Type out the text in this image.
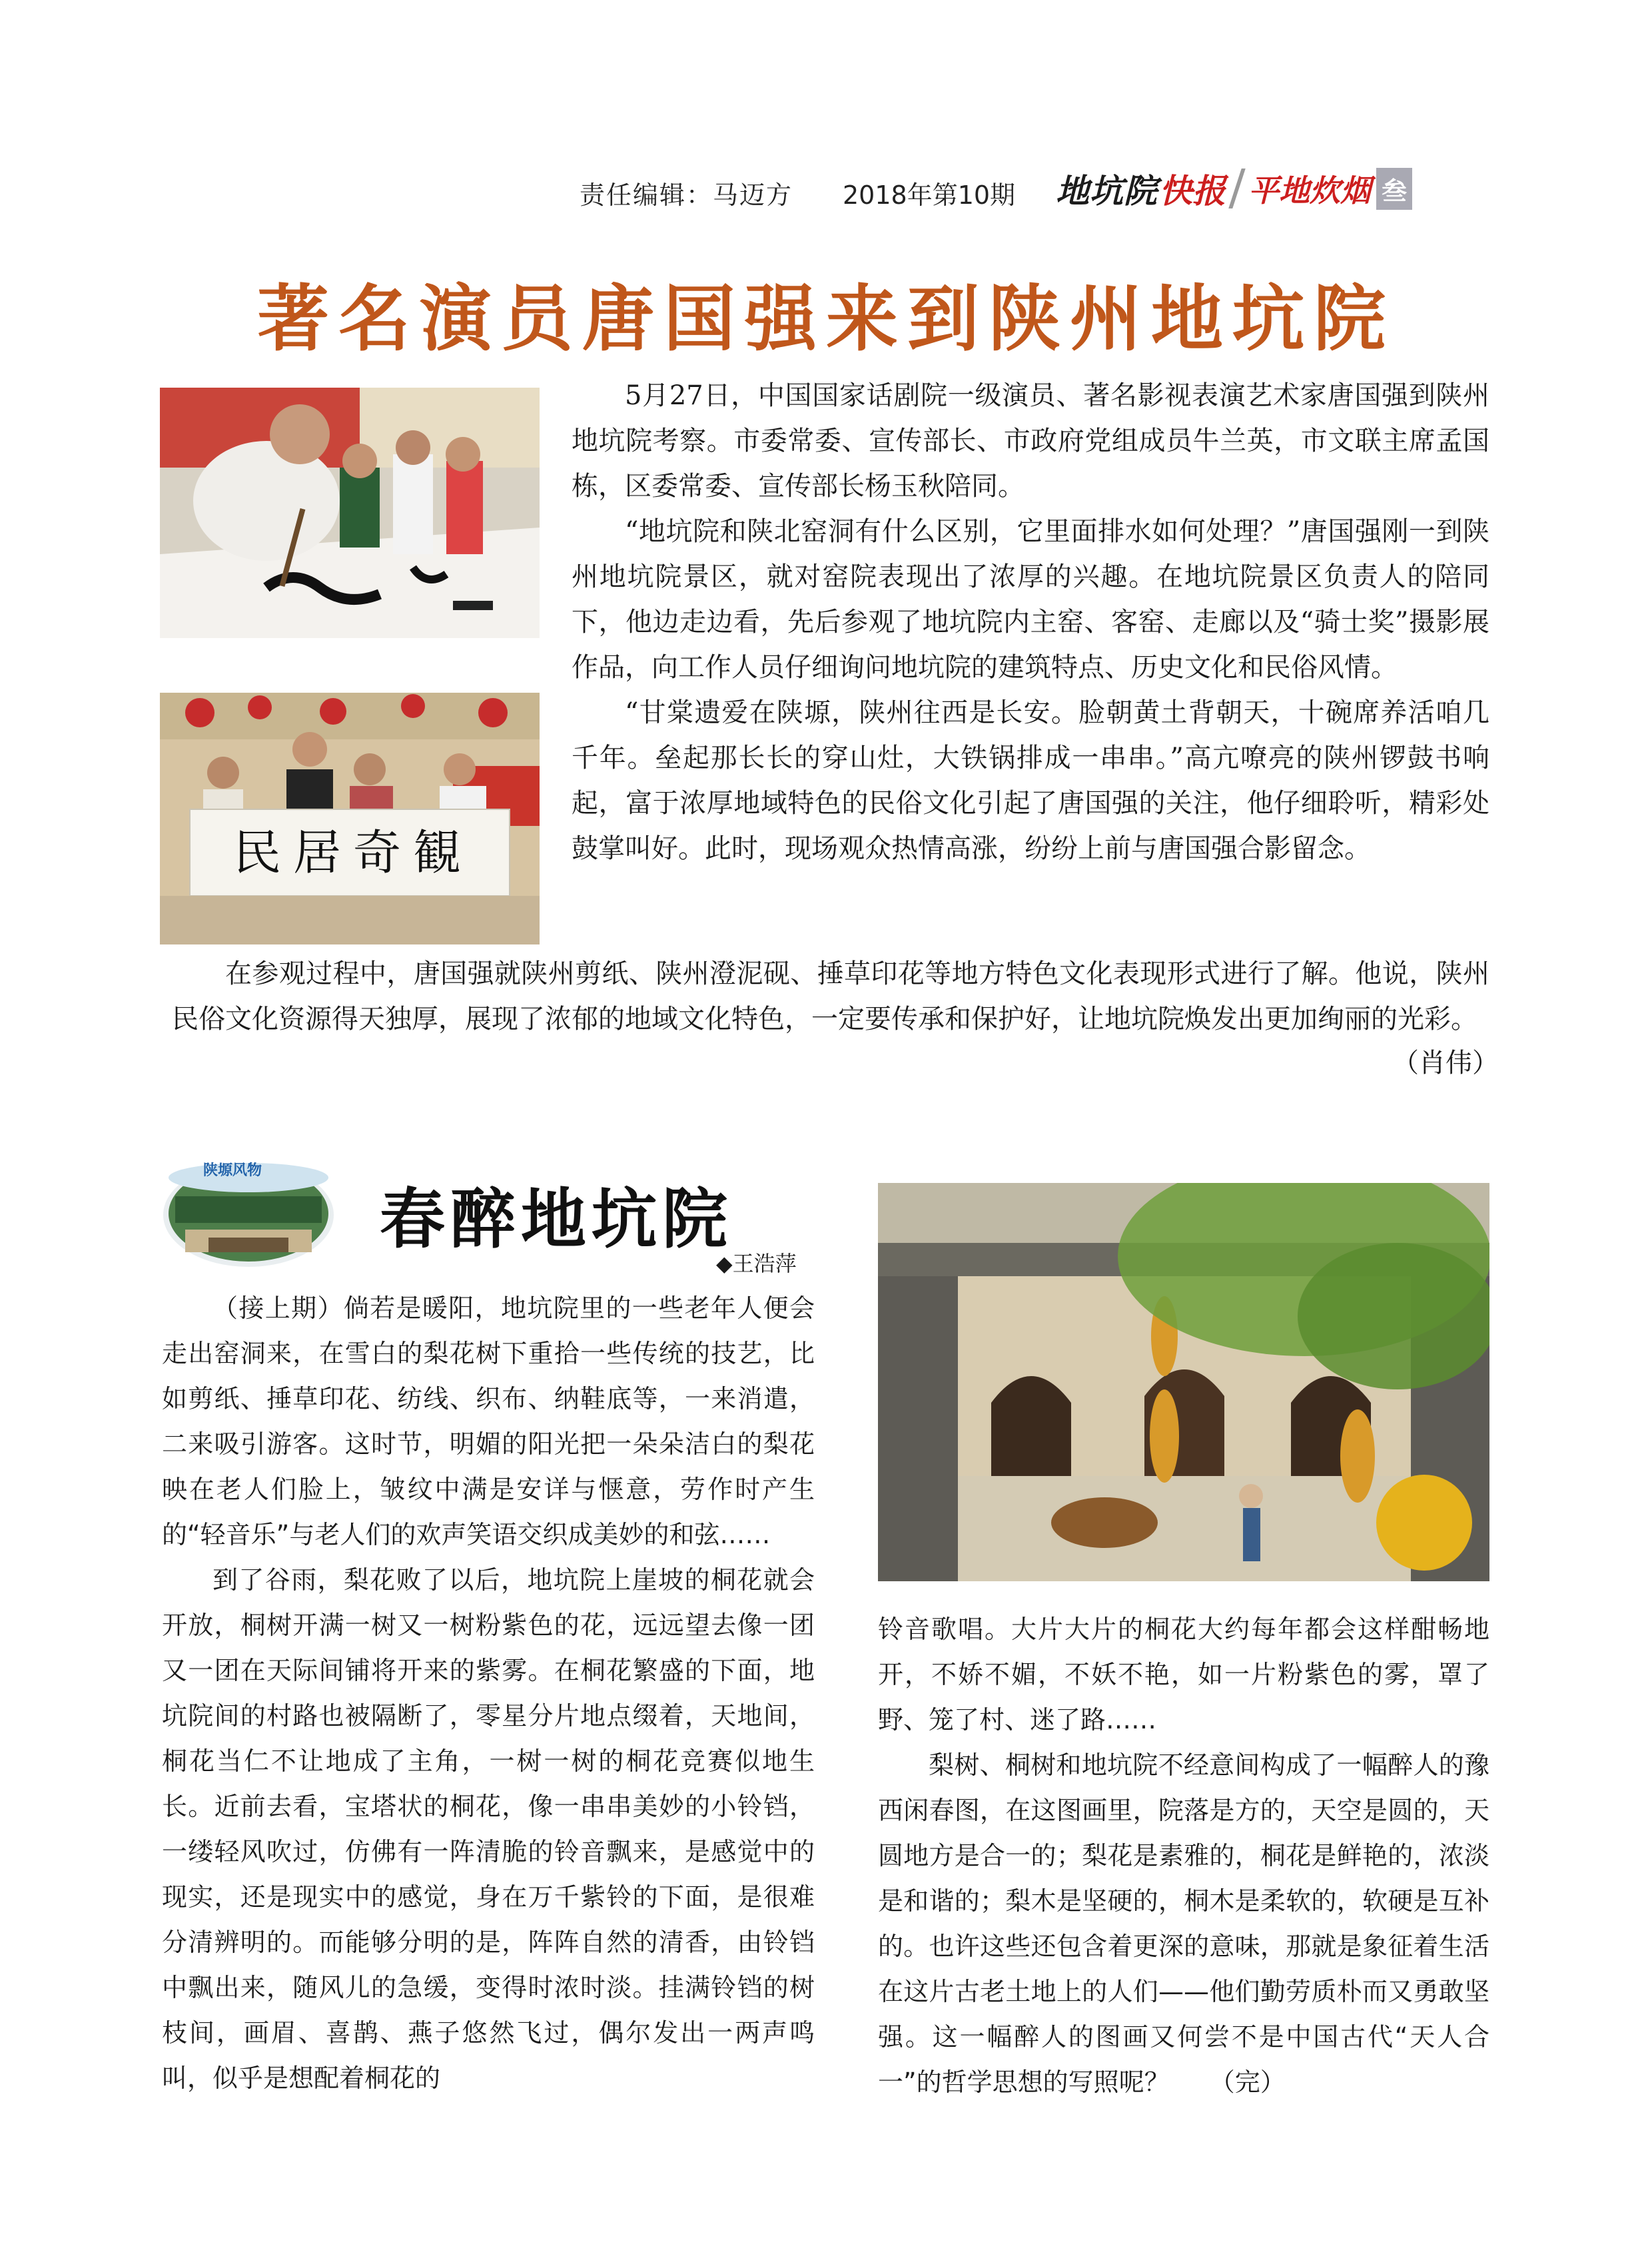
责任编辑：马迈方 2018年第10期 地坑院 快报 平地炊烟 叁
著名演员唐国强来到陕州地坑院
民居奇観

5月27日，中国国家话剧院一级演员、著名影视表演艺术家唐国强到陕州地坑院考察。市委常委、宣传部长、市政府党组成员牛兰英，市文联主席孟国栋，区委常委、宣传部长杨玉秋陪同。

“地坑院和陕北窑洞有什么区别，它里面排水如何处理？”唐国强刚一到陕州地坑院景区，就对窑院表现出了浓厚的兴趣。在地坑院景区负责人的陪同下，他边走边看，先后参观了地坑院内主窑、客窑、走廊以及“骑士奖”摄影展作品，向工作人员仔细询问地坑院的建筑特点、历史文化和民俗风情。

“甘棠遗爱在陕塬，陕州往西是长安。脸朝黄土背朝天，十碗席养活咱几千年。垒起那长长的穿山灶，大铁锅排成一串串。”高亢嘹亮的陕州锣鼓书响起，富于浓厚地域特色的民俗文化引起了唐国强的关注，他仔细聆听，精彩处鼓掌叫好。此时，现场观众热情高涨，纷纷上前与唐国强合影留念。

在参观过程中，唐国强就陕州剪纸、陕州澄泥砚、捶草印花等地方特色文化表现形式进行了解。他说，陕州民俗文化资源得天独厚，展现了浓郁的地域文化特色，一定要传承和保护好，让地坑院焕发出更加绚丽的光彩。

（肖伟）
陕塬风物
春醉地坑院
◆王浩萍

（接上期）倘若是暖阳，地坑院里的一些老年人便会走出窑洞来，在雪白的梨花树下重拾一些传统的技艺，比如剪纸、捶草印花、纺线、织布、纳鞋底等，一来消遣，二来吸引游客。这时节，明媚的阳光把一朵朵洁白的梨花映在老人们脸上，皱纹中满是安详与惬意，劳作时产生的“轻音乐”与老人们的欢声笑语交织成美妙的和弦……

到了谷雨，梨花败了以后，地坑院上崖坡的桐花就会开放，桐树开满一树又一树粉紫色的花，远远望去像一团又一团在天际间铺将开来的紫雾。在桐花繁盛的下面，地坑院间的村路也被隔断了，零星分片地点缀着，天地间，桐花当仁不让地成了主角，一树一树的桐花竞赛似地生长。近前去看，宝塔状的桐花，像一串串美妙的小铃铛，一缕轻风吹过，仿佛有一阵清脆的铃音飘来，是感觉中的现实，还是现实中的感觉，身在万千紫铃的下面，是很难分清辨明的。而能够分明的是，阵阵自然的清香，由铃铛中飘出来，随风儿的急缓，变得时浓时淡。挂满铃铛的树枝间，画眉、喜鹊、燕子悠然飞过，偶尔发出一两声鸣叫，似乎是想配着桐花的

铃音歌唱。大片大片的桐花大约每年都会这样酣畅地开，不娇不媚，不妖不艳，如一片粉紫色的雾，罩了野、笼了村、迷了路……

梨树、桐树和地坑院不经意间构成了一幅醉人的豫西闲春图，在这图画里，院落是方的，天空是圆的，天圆地方是合一的；梨花是素雅的，桐花是鲜艳的，浓淡是和谐的；梨木是坚硬的，桐木是柔软的，软硬是互补的。也许这些还包含着更深的意味，那就是象征着生活在这片古老土地上的人们——他们勤劳质朴而又勇敢坚强。这一幅醉人的图画又何尝不是中国古代“天人合一”的哲学思想的写照呢？ （完）
